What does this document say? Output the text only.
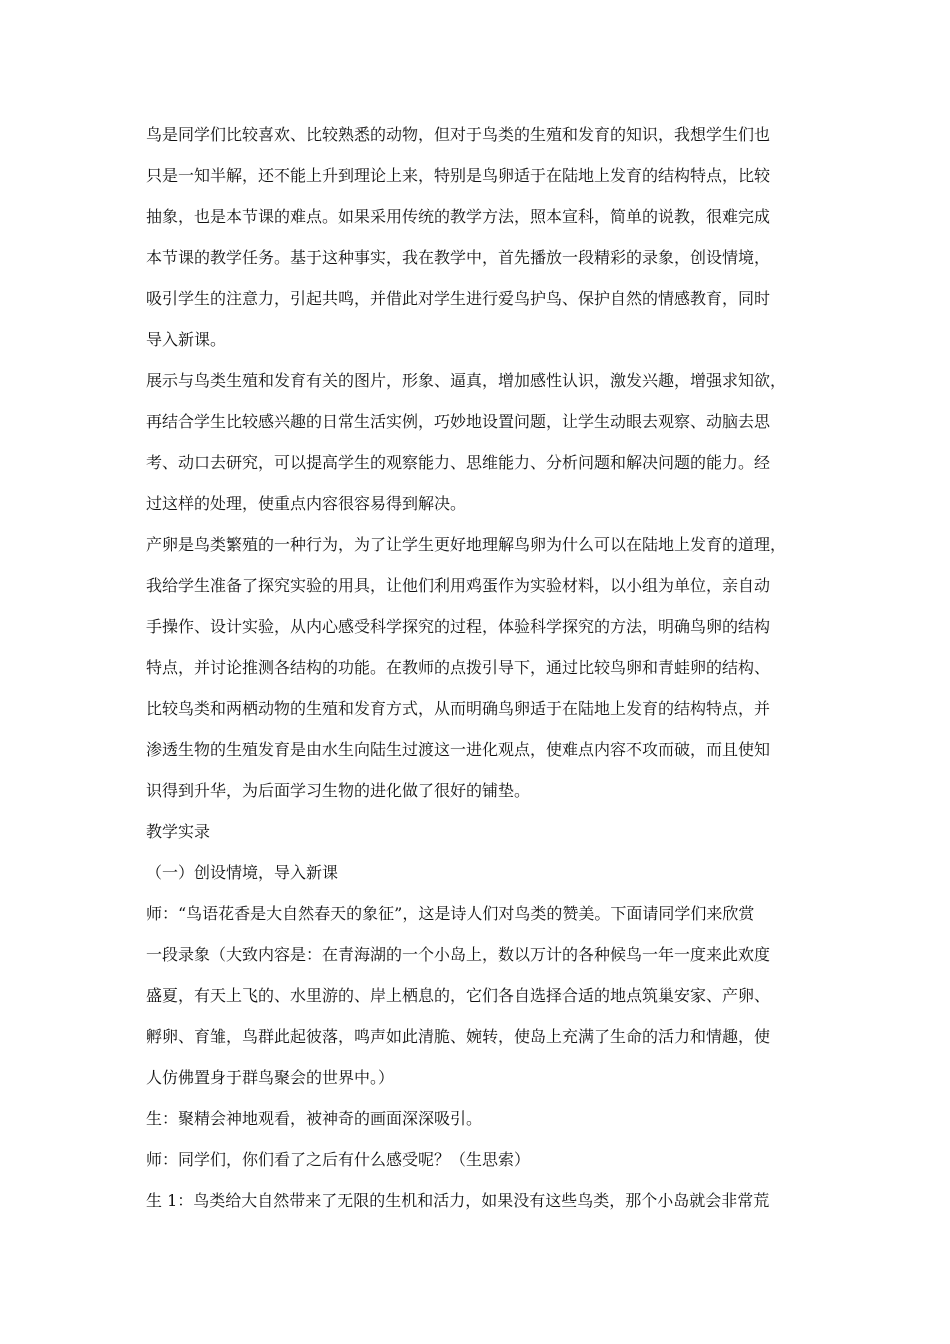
鸟是同学们比较喜欢、比较熟悉的动物，但对于鸟类的生殖和发育的知识，我想学生们也
只是一知半解，还不能上升到理论上来，特别是鸟卵适于在陆地上发育的结构特点，比较
抽象，也是本节课的难点。如果采用传统的教学方法，照本宣科，简单的说教，很难完成
本节课的教学任务。基于这种事实，我在教学中，首先播放一段精彩的录象，创设情境，
吸引学生的注意力，引起共鸣，并借此对学生进行爱鸟护鸟、保护自然的情感教育，同时
导入新课。
展示与鸟类生殖和发育有关的图片，形象、逼真，增加感性认识，激发兴趣，增强求知欲，
再结合学生比较感兴趣的日常生活实例，巧妙地设置问题，让学生动眼去观察、动脑去思
考、动口去研究，可以提高学生的观察能力、思维能力、分析问题和解决问题的能力。经
过这样的处理，使重点内容很容易得到解决。
产卵是鸟类繁殖的一种行为，为了让学生更好地理解鸟卵为什么可以在陆地上发育的道理，
我给学生准备了探究实验的用具，让他们利用鸡蛋作为实验材料，以小组为单位，亲自动
手操作、设计实验，从内心感受科学探究的过程，体验科学探究的方法，明确鸟卵的结构
特点，并讨论推测各结构的功能。在教师的点拨引导下，通过比较鸟卵和青蛙卵的结构、
比较鸟类和两栖动物的生殖和发育方式，从而明确鸟卵适于在陆地上发育的结构特点，并
渗透生物的生殖发育是由水生向陆生过渡这一进化观点，使难点内容不攻而破，而且使知
识得到升华，为后面学习生物的进化做了很好的铺垫。
教学实录
（一）创设情境，导入新课
师：“鸟语花香是大自然春天的象征”，这是诗人们对鸟类的赞美。下面请同学们来欣赏
一段录象（大致内容是：在青海湖的一个小岛上，数以万计的各种候鸟一年一度来此欢度
盛夏，有天上飞的、水里游的、岸上栖息的，它们各自选择合适的地点筑巢安家、产卵、
孵卵、育雏，鸟群此起彼落，鸣声如此清脆、婉转，使岛上充满了生命的活力和情趣，使
人仿佛置身于群鸟聚会的世界中。）
生：聚精会神地观看，被神奇的画面深深吸引。
师：同学们，你们看了之后有什么感受呢？（生思索）
生 1：鸟类给大自然带来了无限的生机和活力，如果没有这些鸟类，那个小岛就会非常荒
